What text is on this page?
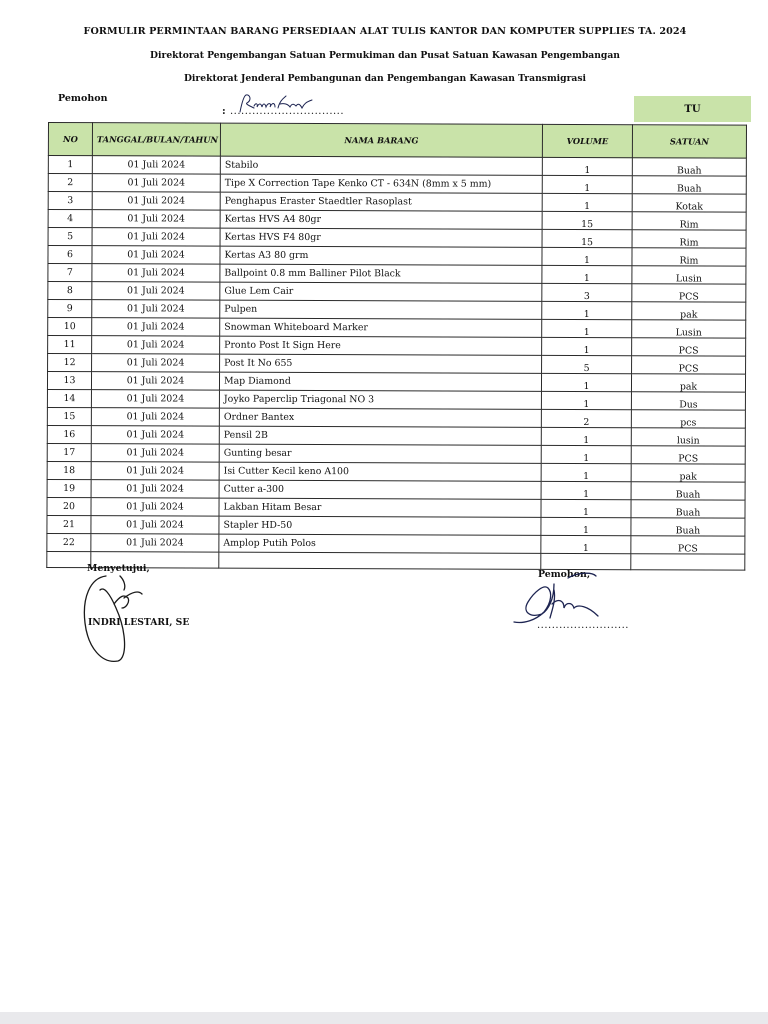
FORMULIR PERMINTAAN BARANG PERSEDIAAN ALAT TULIS KANTOR DAN KOMPUTER SUPPLIES TA. 2024
Direktorat Pengembangan Satuan Permukiman dan Pusat Satuan Kawasan Pengembangan
Direktorat Jenderal Pembangunan dan Pengembangan Kawasan Transmigrasi
Pemohon
: ...............................	TU
NO	TANGGAL/BULAN/TAHUN	NAMA BARANG	VOLUME	SATUAN
1	01 Juli 2024	Stabilo	1	Buah
2	01 Juli 2024	Tipe X Correction Tape Kenko CT - 634N (8mm x 5 mm)	1	Buah
3	01 Juli 2024	Penghapus Eraster Staedtler Rasoplast	1	Kotak
4	01 Juli 2024	Kertas HVS A4 80gr	15	Rim
5	01 Juli 2024	Kertas HVS F4 80gr	15	Rim
6	01 Juli 2024	Kertas A3 80 grm	1	Rim
7	01 Juli 2024	Ballpoint 0.8 mm Balliner Pilot Black	1	Lusin
8	01 Juli 2024	Glue Lem Cair	3	PCS
9	01 Juli 2024	Pulpen	1	pak
10	01 Juli 2024	Snowman Whiteboard Marker	1	Lusin
11	01 Juli 2024	Pronto Post It Sign Here	1	PCS
12	01 Juli 2024	Post It No 655	5	PCS
13	01 Juli 2024	Map Diamond	1	pak
14	01 Juli 2024	Joyko Paperclip Triagonal NO 3	1	Dus
15	01 Juli 2024	Ordner Bantex	2	pcs
16	01 Juli 2024	Pensil 2B	1	lusin
17	01 Juli 2024	Gunting besar	1	PCS
18	01 Juli 2024	Isi Cutter Kecil keno A100	1	pak
19	01 Juli 2024	Cutter a-300	1	Buah
20	01 Juli 2024	Lakban Hitam Besar	1	Buah
21	01 Juli 2024	Stapler HD-50	1	Buah
22	01 Juli 2024	Amplop Putih Polos	1	PCS

Menyetujui,
INDRI LESTARI, SE
Pemohon,
.........................
